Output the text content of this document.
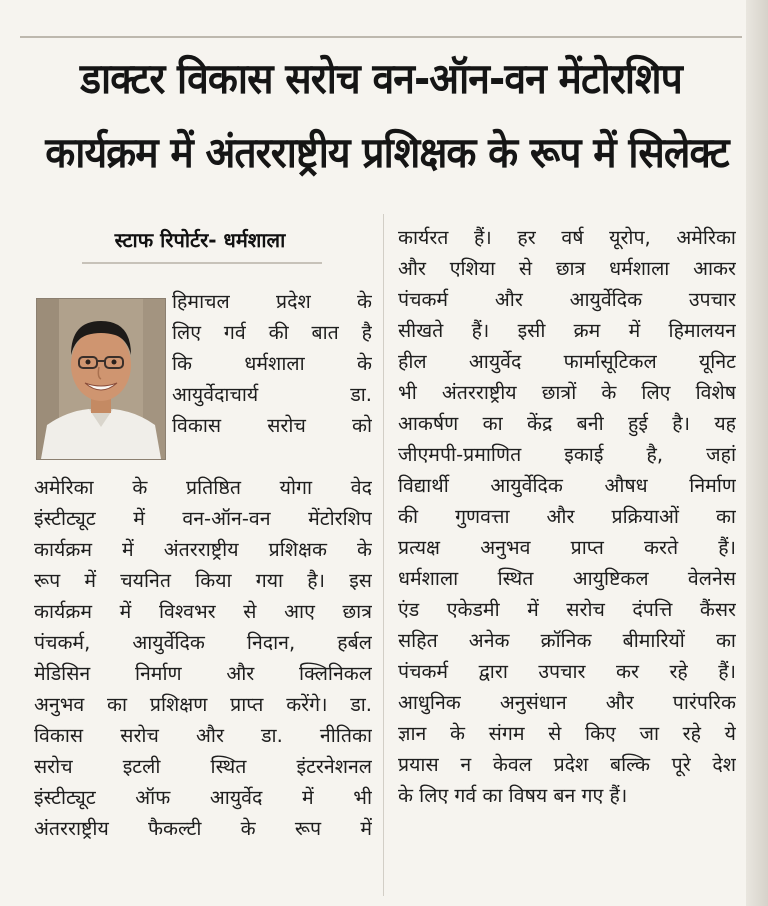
डाक्टर विकास सरोच वन-ऑन-वन मेंटोरशिप
कार्यक्रम में अंतरराष्ट्रीय प्रशिक्षक के रूप में सिलेक्ट
स्टाफ रिपोर्टर- धर्मशाला
हिमाचल प्रदेश के
लिए गर्व की बात है
कि धर्मशाला के
आयुर्वेदाचार्य डा.
विकास सरोच को
अमेरिका के प्रतिष्ठित योगा वेद
इंस्टीट्यूट में वन-ऑन-वन मेंटोरशिप
कार्यक्रम में अंतरराष्ट्रीय प्रशिक्षक के
रूप में चयनित किया गया है। इस
कार्यक्रम में विश्वभर से आए छात्र
पंचकर्म, आयुर्वेदिक निदान, हर्बल
मेडिसिन निर्माण और क्लिनिकल
अनुभव का प्रशिक्षण प्राप्त करेंगे। डा.
विकास सरोच और डा. नीतिका
सरोच इटली स्थित इंटरनेशनल
इंस्टीट्यूट ऑफ आयुर्वेद में भी
अंतरराष्ट्रीय फैकल्टी के रूप में
कार्यरत हैं। हर वर्ष यूरोप, अमेरिका
और एशिया से छात्र धर्मशाला आकर
पंचकर्म और आयुर्वेदिक उपचार
सीखते हैं। इसी क्रम में हिमालयन
हील आयुर्वेद फार्मासूटिकल यूनिट
भी अंतरराष्ट्रीय छात्रों के लिए विशेष
आकर्षण का केंद्र बनी हुई है। यह
जीएमपी-प्रमाणित इकाई है, जहां
विद्यार्थी आयुर्वेदिक औषध निर्माण
की गुणवत्ता और प्रक्रियाओं का
प्रत्यक्ष अनुभव प्राप्त करते हैं।
धर्मशाला स्थित आयुष्टिकल वेलनेस
एंड एकेडमी में सरोच दंपत्ति कैंसर
सहित अनेक क्रॉनिक बीमारियों का
पंचकर्म द्वारा उपचार कर रहे हैं।
आधुनिक अनुसंधान और पारंपरिक
ज्ञान के संगम से किए जा रहे ये
प्रयास न केवल प्रदेश बल्कि पूरे देश
के लिए गर्व का विषय बन गए हैं।
